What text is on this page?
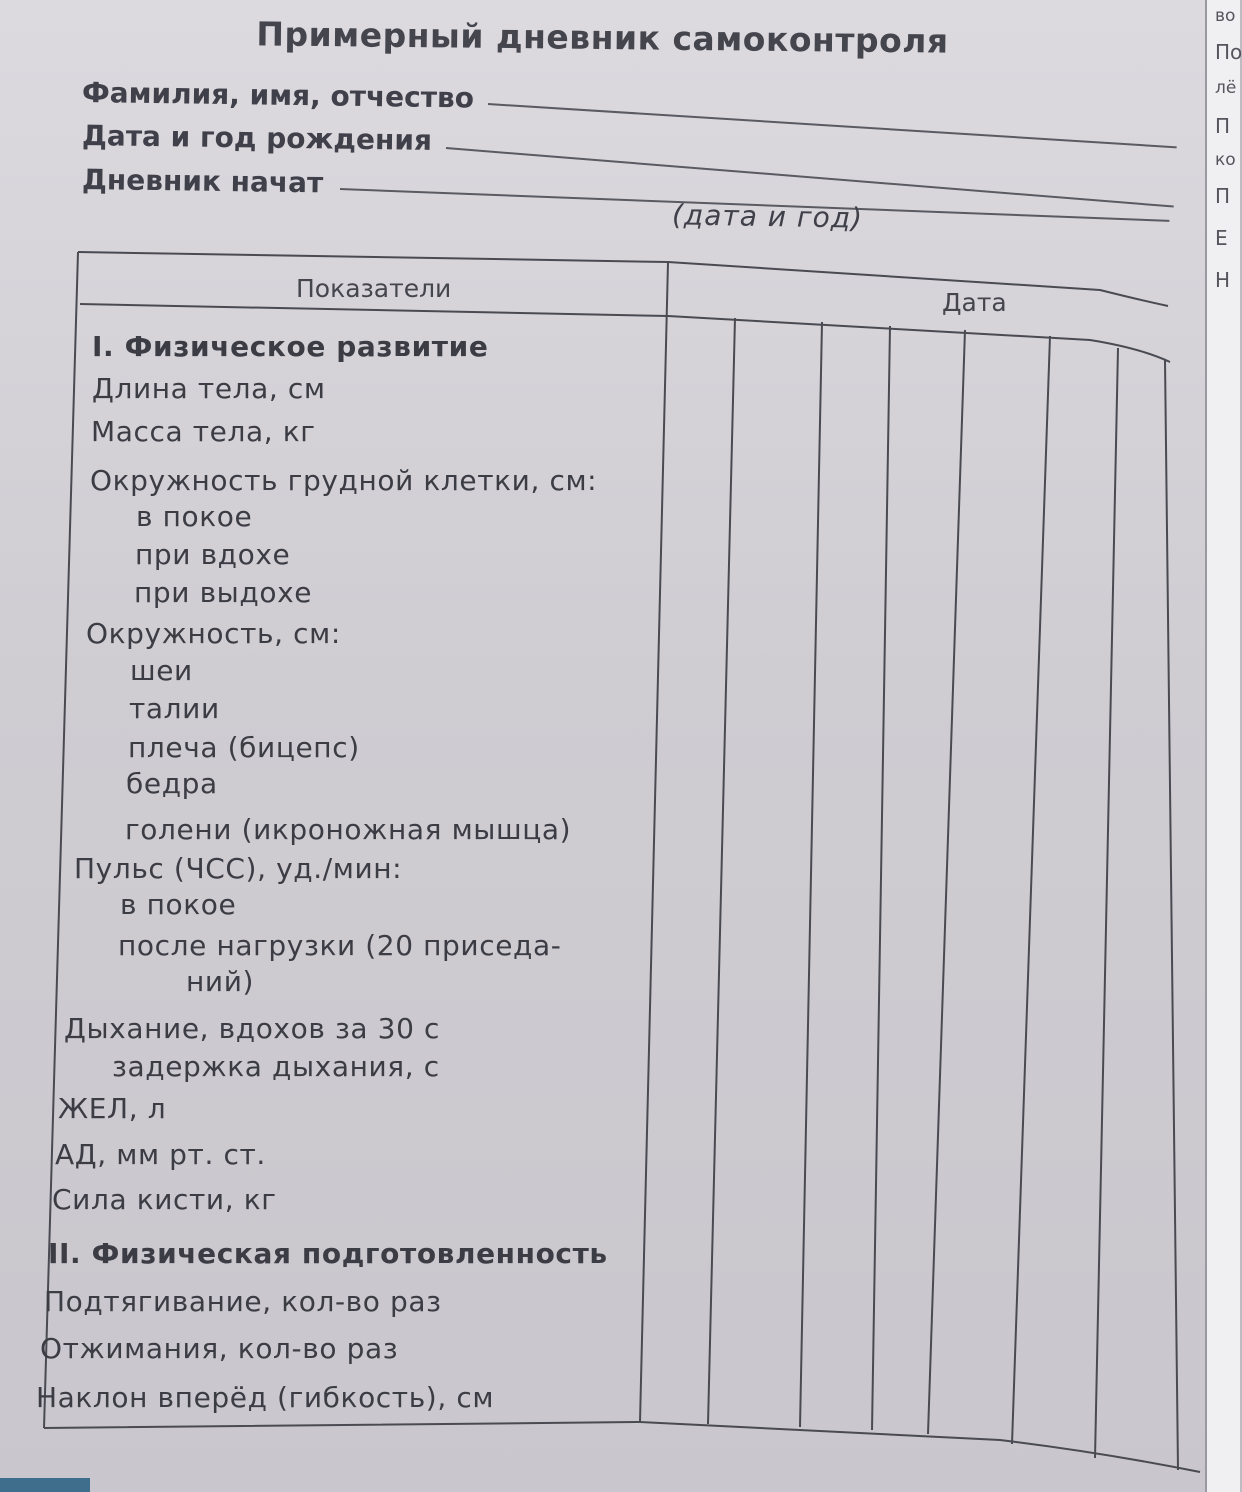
Примерный дневник самоконтроля
Фамилия, имя, отчество
Дата и год рождения
Дневник начат
(дата и год)
Показатели	Дата
I. Физическое развитие
Длина тела, см
Масса тела, кг
Окружность грудной клетки, см:
в покое
при вдохе
при выдохе
Окружность, см:
шеи
талии
плеча (бицепс)
бедра
голени (икроножная мышца)
Пульс (ЧСС), уд./мин:
в покое
после нагрузки (20 приседа-
ний)
Дыхание, вдохов за 30 с
задержка дыхания, с
ЖЕЛ, л
АД, мм рт. ст.
Сила кисти, кг
II. Физическая подготовленность
Подтягивание, кол-во раз
Отжимания, кол-во раз
Наклон вперёд (гибкость), см
во
По
лё
П
ко
П
Е
Н
